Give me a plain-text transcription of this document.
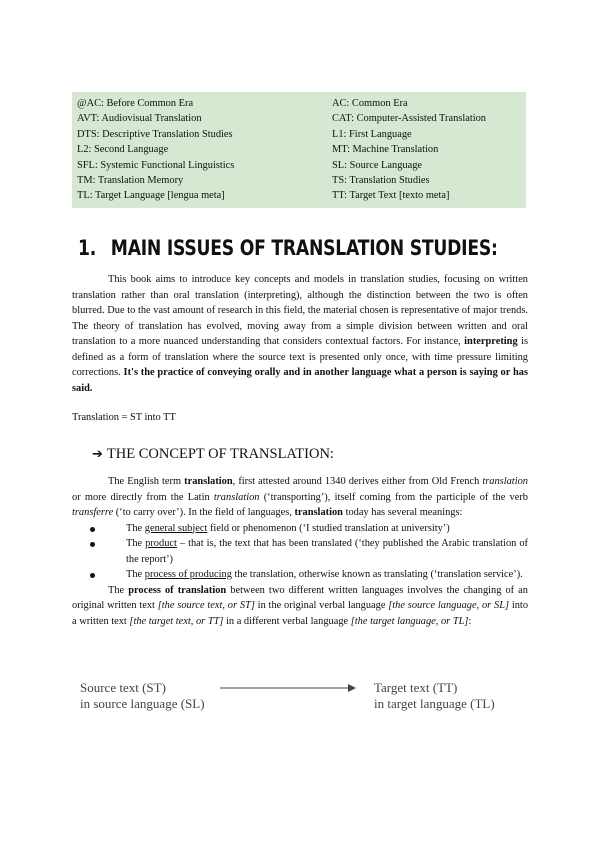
@AC: Before Common Era	AC: Common Era
AVT: Audiovisual Translation	CAT: Computer-Assisted Translation
DTS: Descriptive Translation Studies	L1: First Language
L2: Second Language	MT: Machine Translation
SFL: Systemic Functional Linguistics	SL: Source Language
TM: Translation Memory	TS: Translation Studies
TL: Target Language [lengua meta]	TT: Target Text [texto meta]
1. MAIN ISSUES OF TRANSLATION STUDIES:

This book aims to introduce key concepts and models in translation studies, focusing on written translation rather than oral translation (interpreting), although the distinction between the two is often blurred. Due to the vast amount of research in this field, the material chosen is representative of major trends. The theory of translation has evolved, moving away from a simple division between written and oral translation to a more nuanced understanding that considers contextual factors. For instance, interpreting is defined as a form of translation where the source text is presented only once, with time pressure limiting corrections. It's the practice of conveying orally and in another language what a person is saying or has said.

Translation = ST into TT
➔ THE CONCEPT OF TRANSLATION:

The English term translation, first attested around 1340 derives either from Old French translation or more directly from the Latin translation (‘transporting’), itself coming from the participle of the verb transferre (‘to carry over’). In the field of languages, translation today has several meanings:

The general subject field or phenomenon (‘I studied translation at university’)
The product – that is, the text that has been translated (‘they published the Arabic translation of the report’)
The process of producing the translation, otherwise known as translating (‘translation service’).

The process of translation between two different written languages involves the changing of an original written text [the source text, or ST] in the original verbal language [the source language, or SL] into a written text [the target text, or TT] in a different verbal language [the target language, or TL]:

Source text (ST)
in source language (SL)
Target text (TT)
in target language (TL)
